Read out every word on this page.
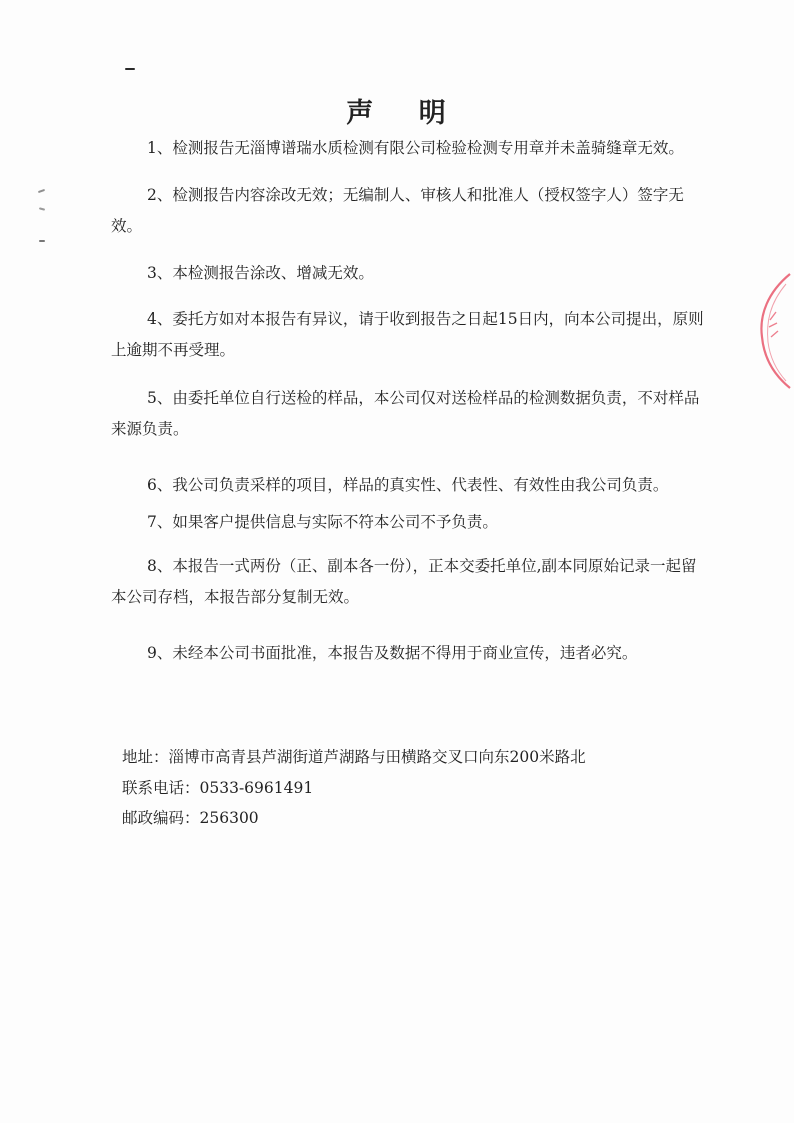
声 明
1、检测报告无淄博谱瑞水质检测有限公司检验检测专用章并未盖骑缝章无效。
2、检测报告内容涂改无效；无编制人、审核人和批准人（授权签字人）签字无效。
3、本检测报告涂改、增减无效。
4、委托方如对本报告有异议，请于收到报告之日起15日内，向本公司提出，原则上逾期不再受理。
5、由委托单位自行送检的样品，本公司仅对送检样品的检测数据负责，不对样品来源负责。
6、我公司负责采样的项目，样品的真实性、代表性、有效性由我公司负责。
7、如果客户提供信息与实际不符本公司不予负责。
8、本报告一式两份（正、副本各一份），正本交委托单位,副本同原始记录一起留本公司存档，本报告部分复制无效。
9、未经本公司书面批准，本报告及数据不得用于商业宣传，违者必究。
地址：淄博市高青县芦湖街道芦湖路与田横路交叉口向东200米路北
联系电话：0533-6961491
邮政编码：256300
